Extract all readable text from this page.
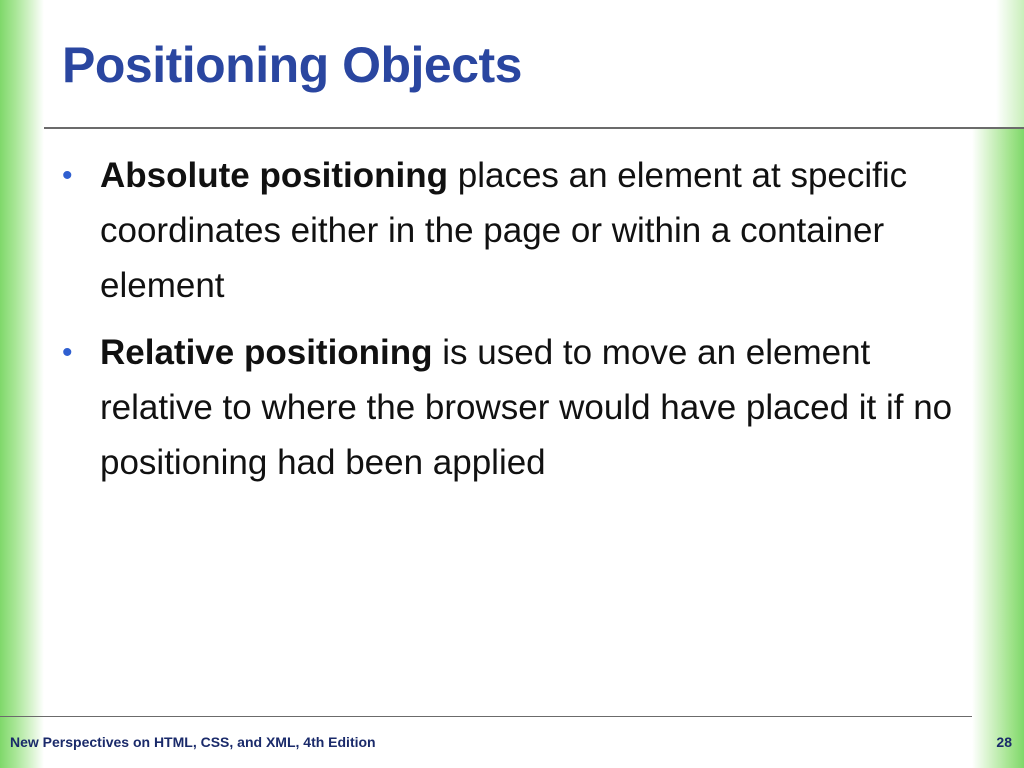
Positioning Objects

• Absolute positioning places an element at specific coordinates either in the page or within a container element

• Relative positioning is used to move an element relative to where the browser would have placed it if no positioning had been applied

New Perspectives on HTML, CSS, and XML, 4th Edition	28
